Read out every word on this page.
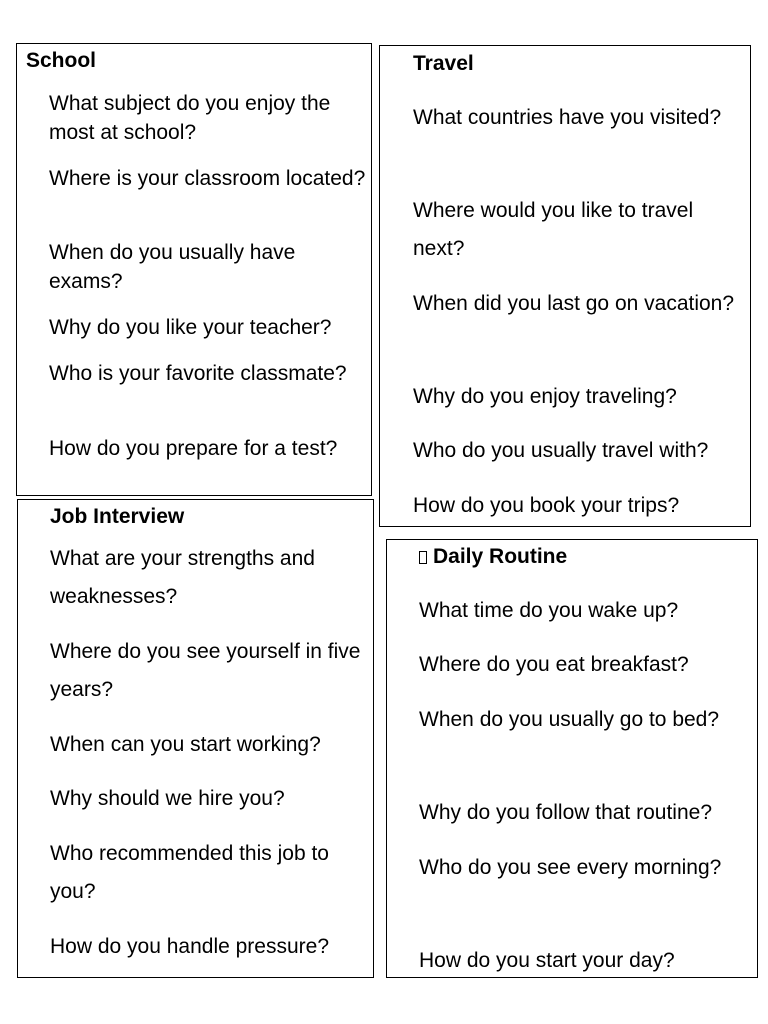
School
What subject do you enjoy the most at school?
Where is your classroom located?
When do you usually have exams?
Why do you like your teacher?
Who is your favorite classmate?
How do you prepare for a test?
Travel
What countries have you visited?
Where would you like to travel next?
When did you last go on vacation?
Why do you enjoy traveling?
Who do you usually travel with?
How do you book your trips?
Job Interview
What are your strengths and weaknesses?
Where do you see yourself in five years?
When can you start working?
Why should we hire you?
Who recommended this job to you?
How do you handle pressure?
Daily Routine
What time do you wake up?
Where do you eat breakfast?
When do you usually go to bed?
Why do you follow that routine?
Who do you see every morning?
How do you start your day?
